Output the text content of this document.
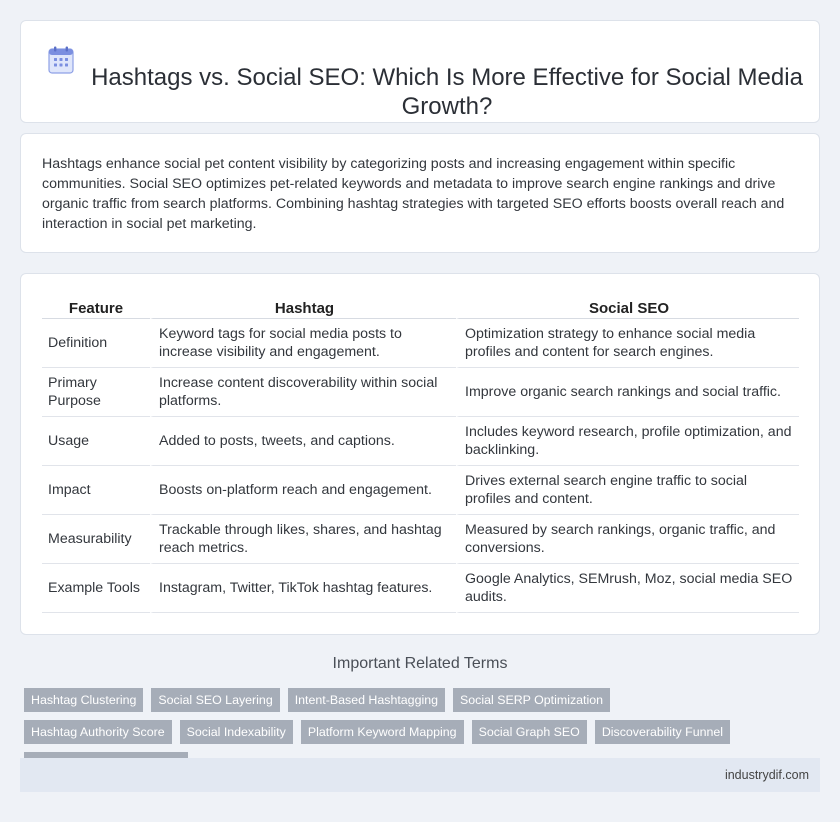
Hashtags vs. Social SEO: Which Is More Effective for Social Media Growth?

Hashtags enhance social pet content visibility by categorizing posts and increasing engagement within specific communities. Social SEO optimizes pet-related keywords and metadata to improve search engine rankings and drive organic traffic from search platforms. Combining hashtag strategies with targeted SEO efforts boosts overall reach and interaction in social pet marketing.

Feature	Hashtag	Social SEO
Definition	Keyword tags for social media posts to increase visibility and engagement.	Optimization strategy to enhance social media profiles and content for search engines.
Primary Purpose	Increase content discoverability within social platforms.	Improve organic search rankings and social traffic.
Usage	Added to posts, tweets, and captions.	Includes keyword research, profile optimization, and backlinking.
Impact	Boosts on-platform reach and engagement.	Drives external search engine traffic to social profiles and content.
Measurability	Trackable through likes, shares, and hashtag reach metrics.	Measured by search rankings, organic traffic, and conversions.
Example Tools	Instagram, Twitter, TikTok hashtag features.	Google Analytics, SEMrush, Moz, social media SEO audits.
Important Related Terms
Hashtag Clustering	Social SEO Layering	Intent-Based Hashtagging	Social SERP Optimization
Hashtag Authority Score	Social Indexability	Platform Keyword Mapping	Social Graph SEO	Discoverability Funnel
industrydif.com
